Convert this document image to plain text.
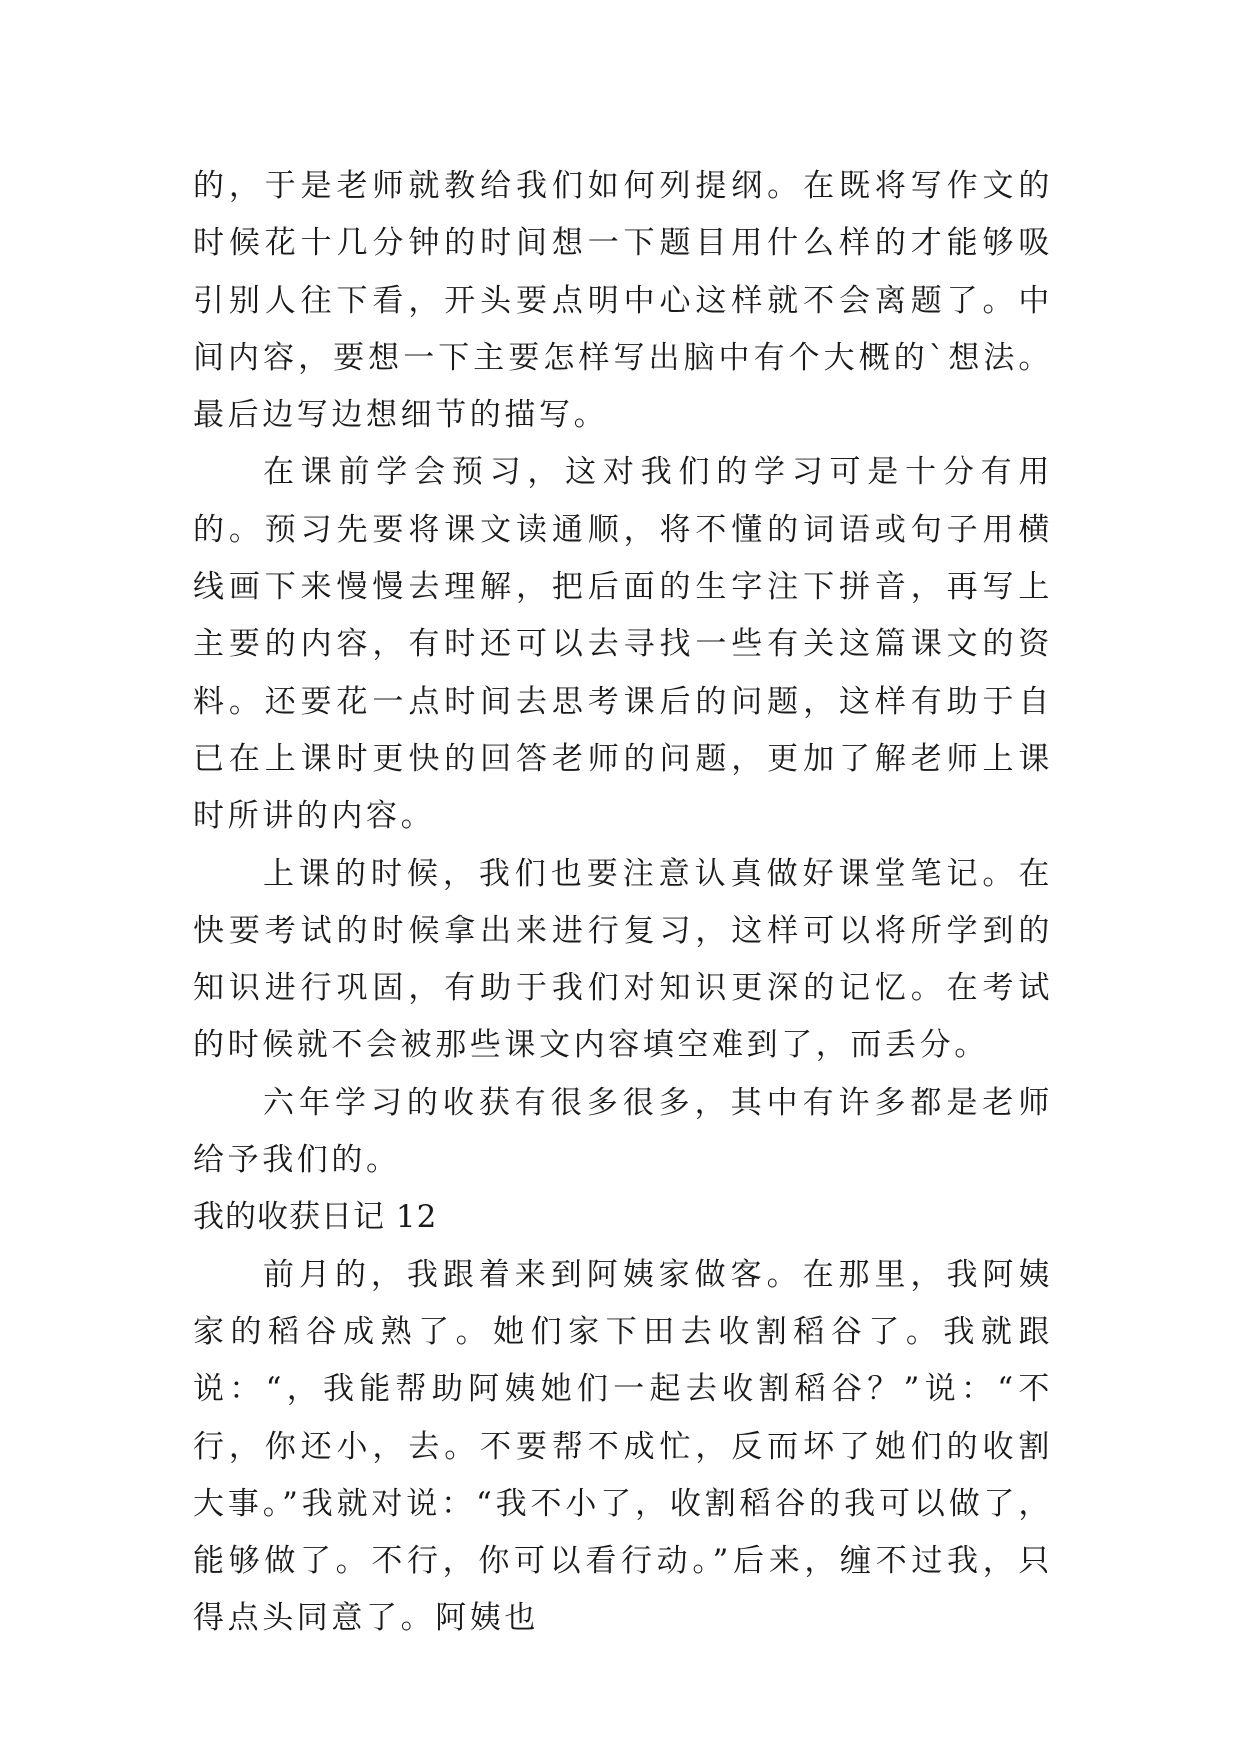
的，于是老师就教给我们如何列提纲。在既将写作文的时候花十几分钟的时间想一下题目用什么样的才能够吸引别人往下看，开头要点明中心这样就不会离题了。中间内容，要想一下主要怎样写出脑中有个大概的`想法。最后边写边想细节的描写。

在课前学会预习，这对我们的学习可是十分有用的。预习先要将课文读通顺，将不懂的词语或句子用横线画下来慢慢去理解，把后面的生字注下拼音，再写上主要的内容，有时还可以去寻找一些有关这篇课文的资料。还要花一点时间去思考课后的问题，这样有助于自已在上课时更快的回答老师的问题，更加了解老师上课时所讲的内容。

上课的时候，我们也要注意认真做好课堂笔记。在快要考试的时候拿出来进行复习，这样可以将所学到的知识进行巩固，有助于我们对知识更深的记忆。在考试的时候就不会被那些课文内容填空难到了，而丢分。

六年学习的收获有很多很多，其中有许多都是老师给予我们的。

我的收获日记 12

前月的，我跟着来到阿姨家做客。在那里，我阿姨家的稻谷成熟了。她们家下田去收割稻谷了。我就跟说：“，我能帮助阿姨她们一起去收割稻谷？”说：“不行，你还小，去。不要帮不成忙，反而坏了她们的收割大事。”我就对说：“我不小了，收割稻谷的我可以做了，能够做了。不行，你可以看行动。”后来，缠不过我，只得点头同意了。阿姨也
